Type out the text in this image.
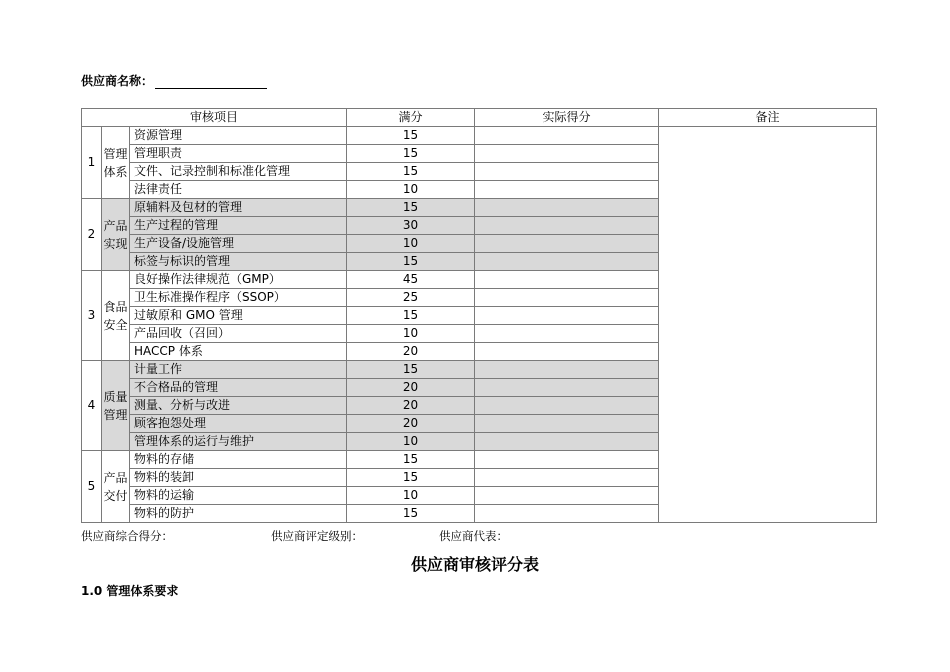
供应商名称：
审核项目			满分	实际得分	备注
1	管理体系	资源管理	15		
		管理职责	15		
		文件、记录控制和标准化管理	15		
		法律责任	10		
2	产品实现	原辅料及包材的管理	15		
		生产过程的管理	30		
		生产设备/设施管理	10		
		标签与标识的管理	15		
3	食品安全	良好操作法律规范（GMP）	45		
		卫生标准操作程序（SSOP）	25		
		过敏原和 GMO 管理	15		
		产品回收（召回）	10		
		HACCP 体系	20		
4	质量管理	计量工作	15		
		不合格品的管理	20		
		测量、分析与改进	20		
		顾客抱怨处理	20		
		管理体系的运行与维护	10		
5	产品交付	物料的存储	15		
		物料的装卸	15		
		物料的运输	10		
		物料的防护	15		
供应商综合得分：	供应商评定级别：	供应商代表：
供应商审核评分表
1.0 管理体系要求
